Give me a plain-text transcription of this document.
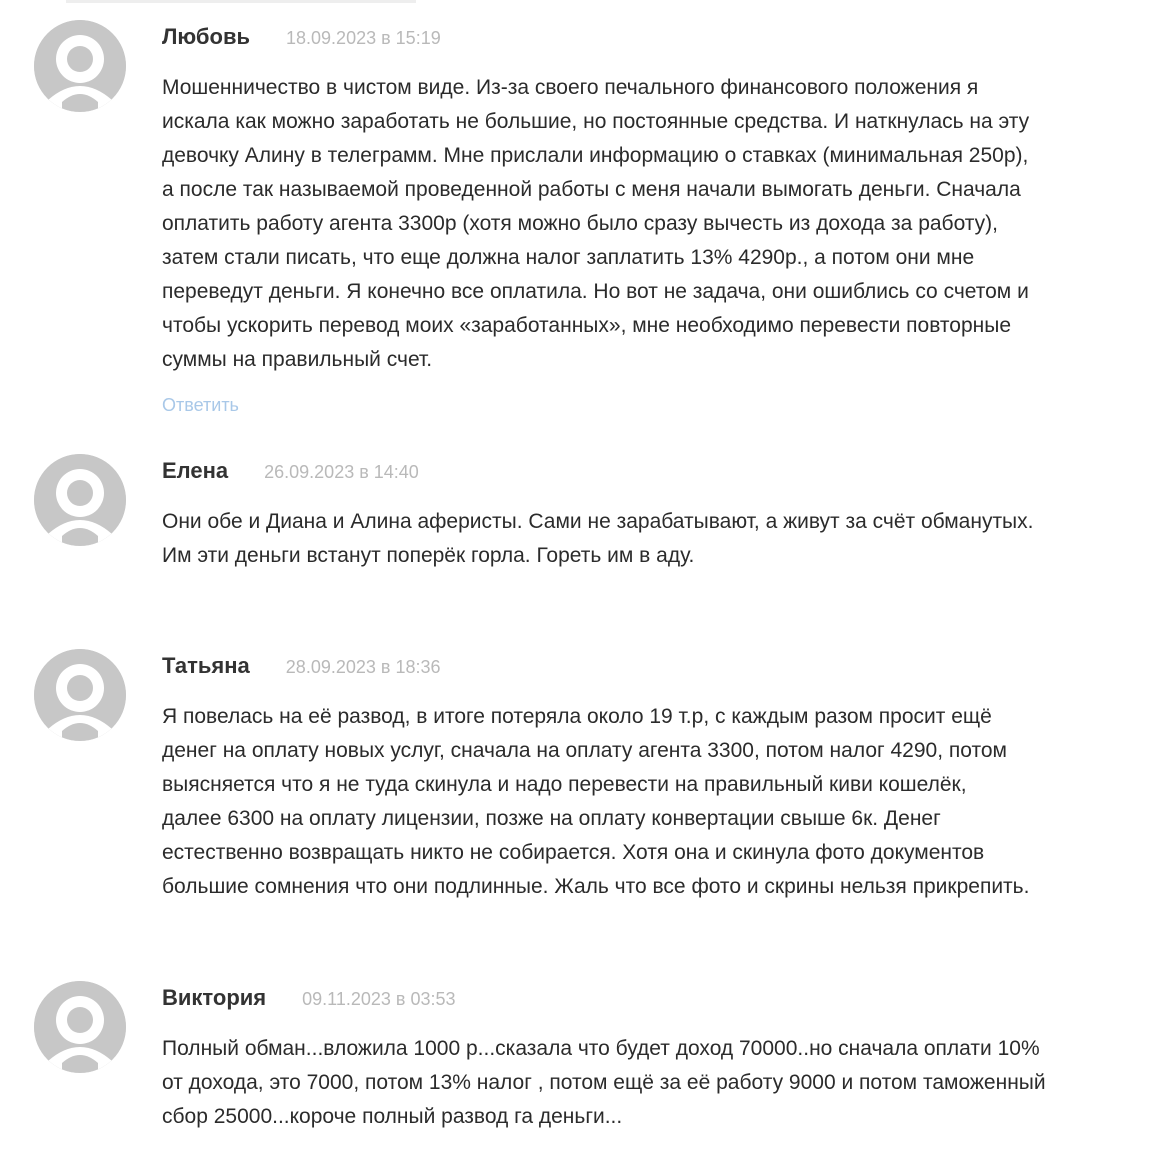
Любовь 18.09.2023 в 15:19
Мошенничество в чистом виде. Из-за своего печального финансового положения я
искала как можно заработать не большие, но постоянные средства. И наткнулась на эту
девочку Алину в телеграмм. Мне прислали информацию о ставках (минимальная 250р),
а после так называемой проведенной работы с меня начали вымогать деньги. Сначала
оплатить работу агента 3300р (хотя можно было сразу вычесть из дохода за работу),
затем стали писать, что еще должна налог заплатить 13% 4290р., а потом они мне
переведут деньги. Я конечно все оплатила. Но вот не задача, они ошиблись со счетом и
чтобы ускорить перевод моих «заработанных», мне необходимо перевести повторные
суммы на правильный счет.
Ответить
Елена 26.09.2023 в 14:40
Они обе и Диана и Алина аферисты. Сами не зарабатывают, а живут за счёт обманутых.
Им эти деньги встанут поперёк горла. Гореть им в аду.
Татьяна 28.09.2023 в 18:36
Я повелась на её развод, в итоге потеряла около 19 т.р, с каждым разом просит ещё
денег на оплату новых услуг, сначала на оплату агента 3300, потом налог 4290, потом
выясняется что я не туда скинула и надо перевести на правильный киви кошелёк,
далее 6300 на оплату лицензии, позже на оплату конвертации свыше 6к. Денег
естественно возвращать никто не собирается. Хотя она и скинула фото документов
большие сомнения что они подлинные. Жаль что все фото и скрины нельзя прикрепить.
Виктория 09.11.2023 в 03:53
Полный обман...вложила 1000 р...сказала что будет доход 70000..но сначала оплати 10%
от дохода, это 7000, потом 13% налог , потом ещё за её работу 9000 и потом таможенный
сбор 25000...короче полный развод га деньги...
